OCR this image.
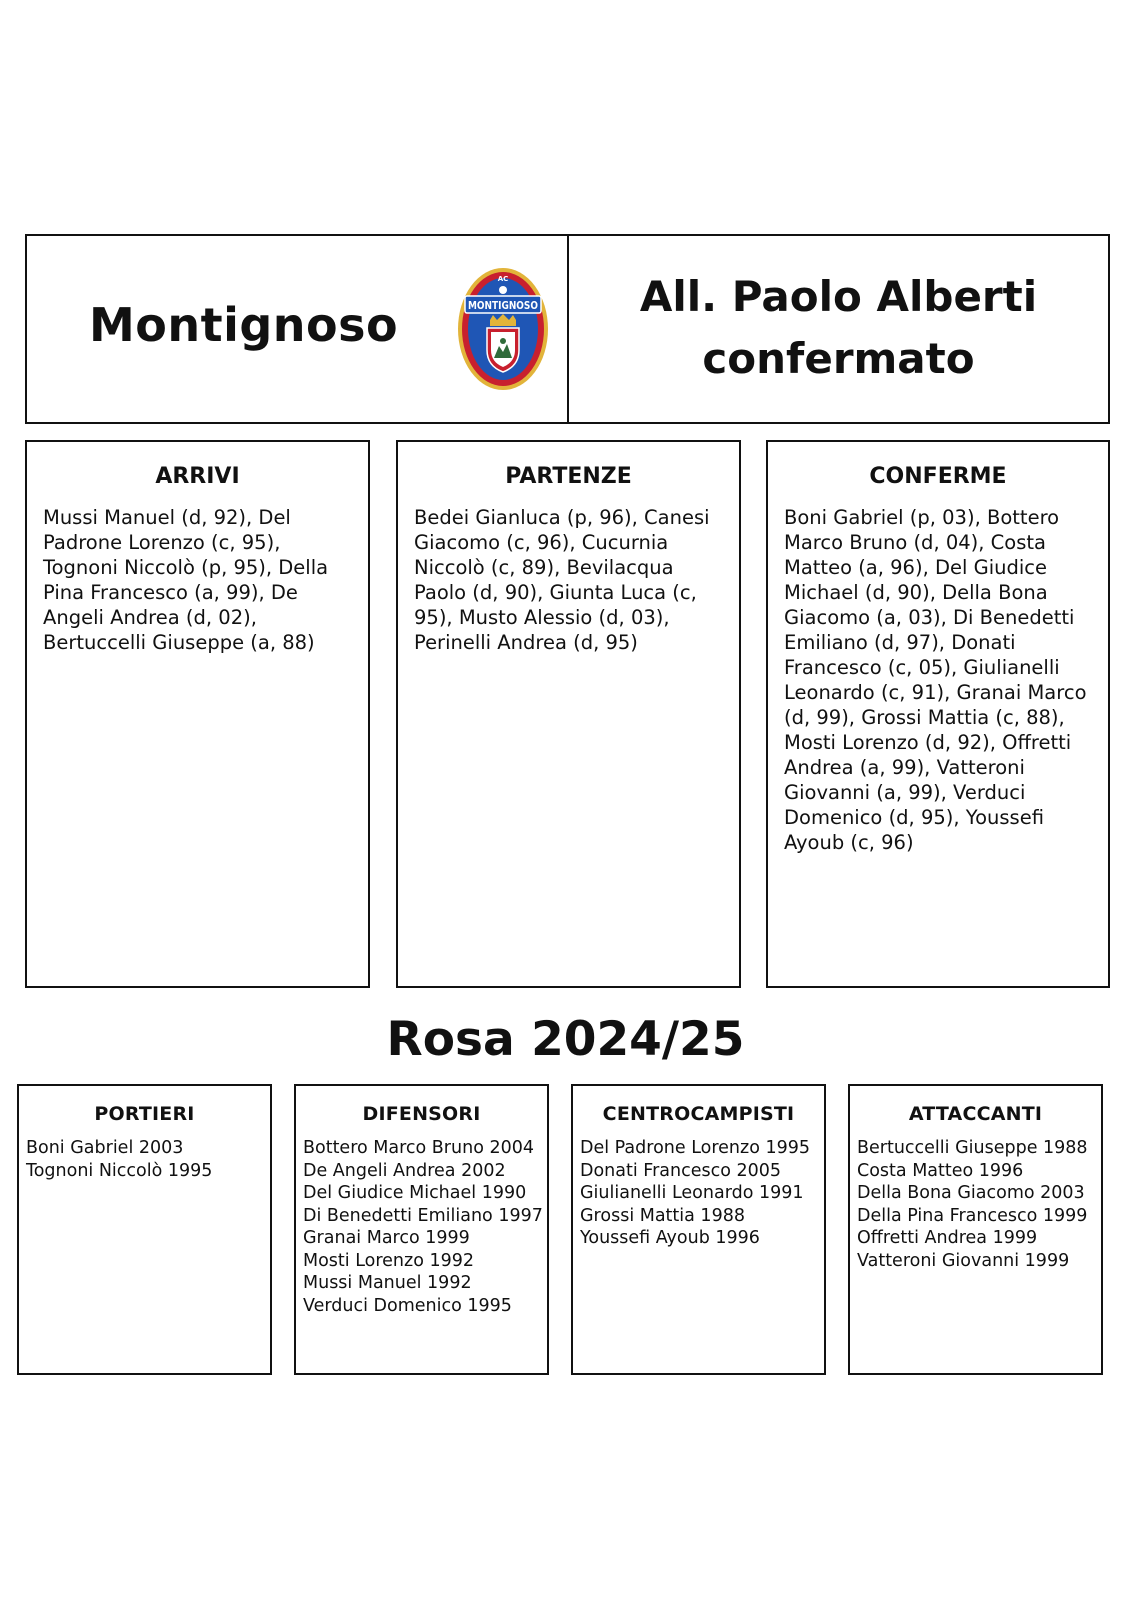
Montignoso
AC
MONTIGNOSO	All. Paolo Alberti
confermato
ARRIVI
Mussi Manuel (d, 92), Del Padrone Lorenzo (c, 95), Tognoni Niccolò (p, 95), Della Pina Francesco (a, 99), De Angeli Andrea (d, 02), Bertuccelli Giuseppe (a, 88)
PARTENZE
Bedei Gianluca (p, 96), Canesi Giacomo (c, 96), Cucurnia Niccolò (c, 89), Bevilacqua Paolo (d, 90), Giunta Luca (c, 95), Musto Alessio (d, 03), Perinelli Andrea (d, 95)
CONFERME
Boni Gabriel (p, 03), Bottero Marco Bruno (d, 04), Costa Matteo (a, 96), Del Giudice Michael (d, 90), Della Bona Giacomo (a, 03), Di Benedetti Emiliano (d, 97), Donati Francesco (c, 05), Giulianelli Leonardo (c, 91), Granai Marco (d, 99), Grossi Mattia (c, 88), Mosti Lorenzo (d, 92), Offretti Andrea (a, 99), Vatteroni Giovanni (a, 99), Verduci Domenico (d, 95), Youssefi Ayoub (c, 96)
Rosa 2024/25
PORTIERI
Boni Gabriel 2003
Tognoni Niccolò 1995
DIFENSORI
Bottero Marco Bruno 2004
De Angeli Andrea 2002
Del Giudice Michael 1990
Di Benedetti Emiliano 1997
Granai Marco 1999
Mosti Lorenzo 1992
Mussi Manuel 1992
Verduci Domenico 1995
CENTROCAMPISTI
Del Padrone Lorenzo 1995
Donati Francesco 2005
Giulianelli Leonardo 1991
Grossi Mattia 1988
Youssefi Ayoub 1996
ATTACCANTI
Bertuccelli Giuseppe 1988
Costa Matteo 1996
Della Bona Giacomo 2003
Della Pina Francesco 1999
Offretti Andrea 1999
Vatteroni Giovanni 1999
